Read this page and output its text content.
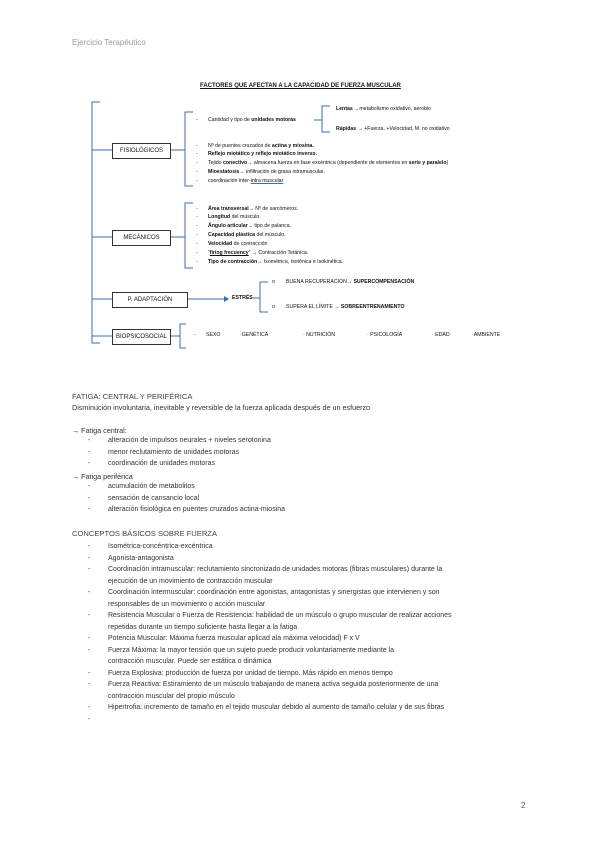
Ejercicio Terapéutico
FACTORES QUE AFECTAN A LA CAPACIDAD DE FUERZA MUSCULAR
FISIOLÓGICOS
MECÁNICOS
P. ADAPTACIÓN
BIOPSICOSOCIAL
- Cantidad y tipo de unidades motoras
Lentas →metabolismo oxidativo, aerobio
Rápidas → +Fuerza, +Velocidad, M. no oxidativo
- Nº de puentes cruzados de actina y miosina.
- Reflejo miotático y reflejo miotático inverso.
- Tejido conectivo→ almacena fuerza en fase excéntrica (dependiente de elementos en serie y paralelo)
- Mioestatosis→ infiltración de grasa intramuscular.
- coordinación inter-intra muscular
- Área transversal→ Nº de sarcómeros.
- Longitud del músculo.
- Ángulo articular→ tipo de palanca.
- Capacidad plástica del músculo.
- Velocidad de contracción
- “firing frecuency” → Contracción Tetánica.
- Tipo de contracción→ Isométrica, Isotónica e Isokinética.
ESTRÉS
o BUENA RECUPERACION→ SUPERCOMPENSACIÓN
o SUPERA EL LÍMITE → SOBREENTRENAMIENTO
- SEXO	·GENÉTICA	· NUTRICIÓN	· PSICOLOGÍA	· EDAD	·AMBIENTE
FATIGA: CENTRAL Y PERIFÉRICA
Disminución involuntaria, inevitable y reversible de la fuerza aplicada después de un esfuerzo
→ Fatiga central:
- alteración de impulsos neurales + niveles serotonina
- menor reclutamiento de unidades motoras
- coordinación de unidades motoras
→ Fatiga periférica
- acumulación de metabolitos
- sensación de cansancio local
- alteración fisiológica en puentes cruzados actina-miosina
CONCEPTOS BÁSICOS SOBRE FUERZA
- Isométrica-concéntrica-excéntrica
- Agonista-antagonista
- Coordinación intramuscular: reclutamiento sincronizado de unidades motoras (fibras musculares) durante la
ejecución de un movimiento de contracción muscular
- Coordinación intermuscular: coordinación entre agonistas, antagonistas y sinergistas que intervienen y son
responsables de un movimiento o acción muscular
- Resistencia Muscular o Fuerza de Resistencia: habilidad de un músculo o grupo muscular de realizar acciones
repetidas durante un tiempo suficiente hasta llegar a la fatiga
- Potencia Muscular: Máxima fuerza muscular aplicad ala máxima velocidad) F x V
- Fuerza Máxima: la mayor tensión que un sujeto puede producir voluntariamente mediante la
contracción muscular. Puede ser estática o dinámica
- Fuerza Explosiva: producción de fuerza por unidad de tiempo. Más rápido en menos tiempo
- Fuerza Reactiva: Estiramiento de un músculo trabajando de manera activa seguida posteriormente de una
contracción muscular del propio músculo
- Hipertrofia: incremento de tamaño en el tejido muscular debido al aumento de tamaño celular y de sus fibras
-
2
